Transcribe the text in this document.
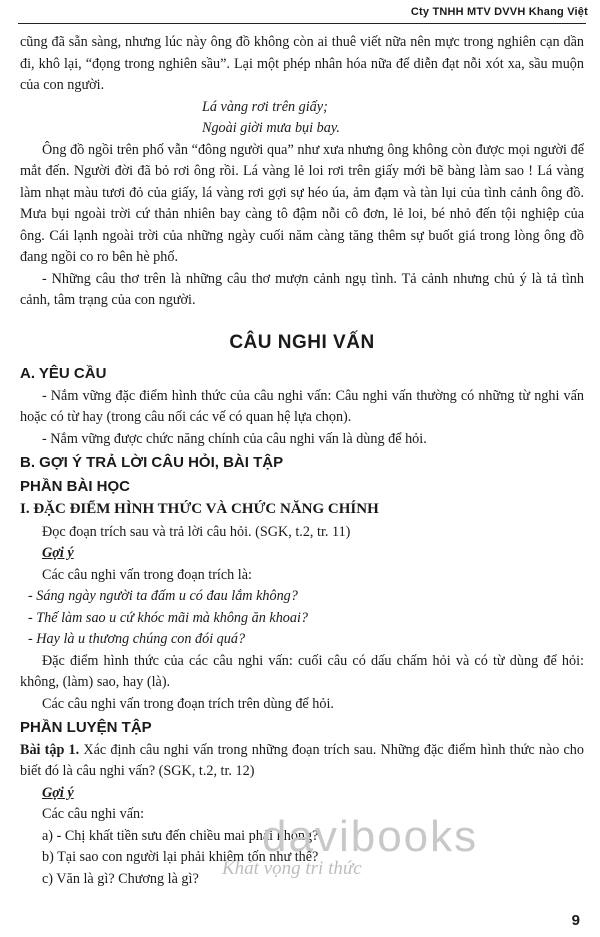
Cty TNHH MTV DVVH Khang Việt

cũng đã sẵn sàng, nhưng lúc này ông đồ không còn ai thuê viết nữa nên mực trong nghiên cạn dần đi, khô lại, “đọng trong nghiên sầu”. Lại một phép nhân hóa nữa để diễn đạt nỗi xót xa, sầu muộn của con người.

Lá vàng rơi trên giấy;

Ngoài giời mưa bụi bay.

Ông đồ ngồi trên phố vẫn “đông người qua” như xưa nhưng ông không còn được mọi người để mắt đến. Người đời đã bỏ rơi ông rồi. Lá vàng lẻ loi rơi trên giấy mới bẽ bàng làm sao ! Lá vàng làm nhạt màu tươi đỏ của giấy, lá vàng rơi gợi sự héo úa, ảm đạm và tàn lụi của tình cảnh ông đồ. Mưa bụi ngoài trời cứ thản nhiên bay càng tô đậm nỗi cô đơn, lẻ loi, bé nhỏ đến tội nghiệp của ông. Cái lạnh ngoài trời của những ngày cuối năm càng tăng thêm sự buốt giá trong lòng ông đồ đang ngồi co ro bên hè phố.

- Những câu thơ trên là những câu thơ mượn cảnh ngụ tình. Tả cảnh nhưng chủ ý là tả tình cảnh, tâm trạng của con người.

CÂU NGHI VẤN
A. YÊU CẦU

- Nắm vững đặc điểm hình thức của câu nghi vấn: Câu nghi vấn thường có những từ nghi vấn hoặc có từ hay (trong câu nối các vế có quan hệ lựa chọn).

- Nắm vững được chức năng chính của câu nghi vấn là dùng để hỏi.

B. GỢI Ý TRẢ LỜI CÂU HỎI, BÀI TẬP
PHẦN BÀI HỌC
I. ĐẶC ĐIỂM HÌNH THỨC VÀ CHỨC NĂNG CHÍNH

Đọc đoạn trích sau và trả lời câu hỏi. (SGK, t.2, tr. 11)

Gợi ý

Các câu nghi vấn trong đoạn trích là:

- Sáng ngày người ta đấm u có đau lắm không?

- Thế làm sao u cứ khóc mãi mà không ăn khoai?

- Hay là u thương chúng con đói quá?

Đặc điểm hình thức của các câu nghi vấn: cuối câu có dấu chấm hỏi và có từ dùng để hỏi: không, (làm) sao, hay (là).

Các câu nghi vấn trong đoạn trích trên dùng để hỏi.

PHẦN LUYỆN TẬP

Bài tập 1. Xác định câu nghi vấn trong những đoạn trích sau. Những đặc điểm hình thức nào cho biết đó là câu nghi vấn? (SGK, t.2, tr. 12)

Gợi ý

Các câu nghi vấn:

a) - Chị khất tiền sưu đến chiều mai phải không?

b) Tại sao con người lại phải khiêm tốn như thế?

c) Văn là gì? Chương là gì?

davibooks
Khát vọng tri thức
9
